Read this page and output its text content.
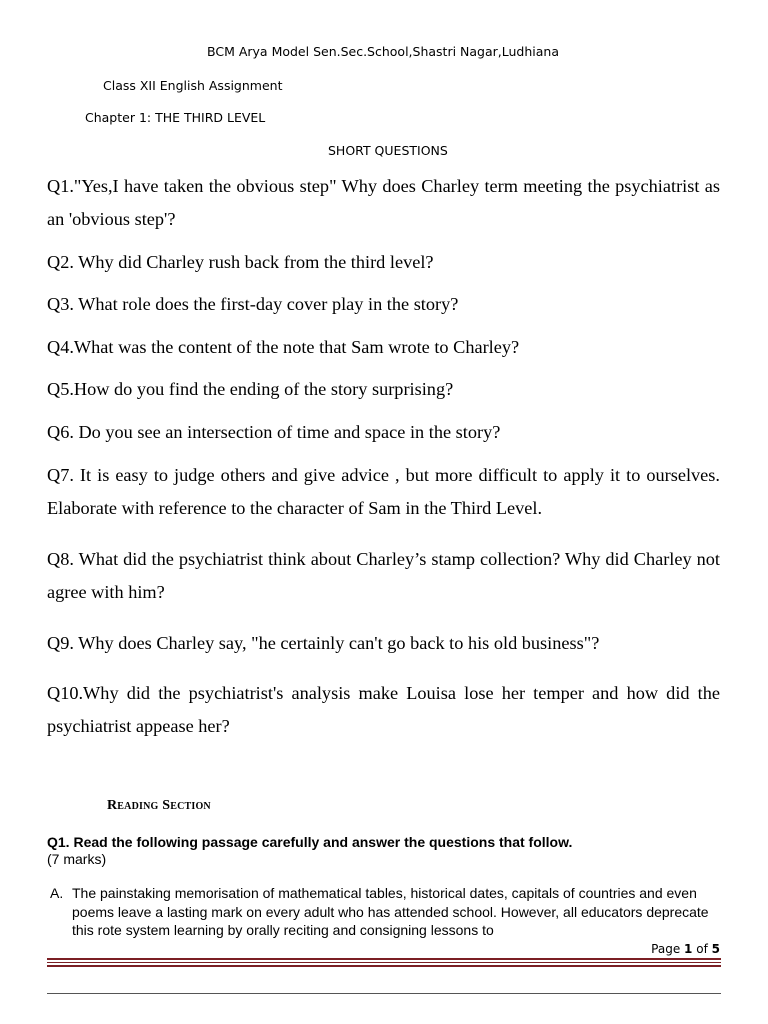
BCM Arya Model Sen.Sec.School,Shastri Nagar,Ludhiana
Class XII English Assignment
Chapter 1: THE THIRD LEVEL
SHORT QUESTIONS
Q1."Yes,I have taken the obvious step" Why does Charley term meeting the psychiatrist as an 'obvious step'?
Q2. Why did Charley rush back from the third level?
Q3. What role does the first-day cover play in the story?
Q4.What was the content of the note that Sam wrote to Charley?
Q5.How do you find the ending of the story surprising?
Q6. Do you see an intersection of time and space in the story?
Q7. It is easy to judge others and give advice , but more difficult to apply it to ourselves. Elaborate with reference to the character of Sam in the Third Level.
Q8. What did the psychiatrist think about Charley’s stamp collection? Why did Charley not agree with him?
Q9. Why does Charley say, "he certainly can't go back to his old business"?
Q10.Why did the psychiatrist's analysis make Louisa lose her temper and how did the psychiatrist appease her?
Reading Section
Q1. Read the following passage carefully and answer the questions that follow.
(7 marks)
A. The painstaking memorisation of mathematical tables, historical dates, capitals of countries and even poems leave a lasting mark on every adult who has attended school. However, all educators deprecate this rote system learning by orally reciting and consigning lessons to
Page 1 of 5
